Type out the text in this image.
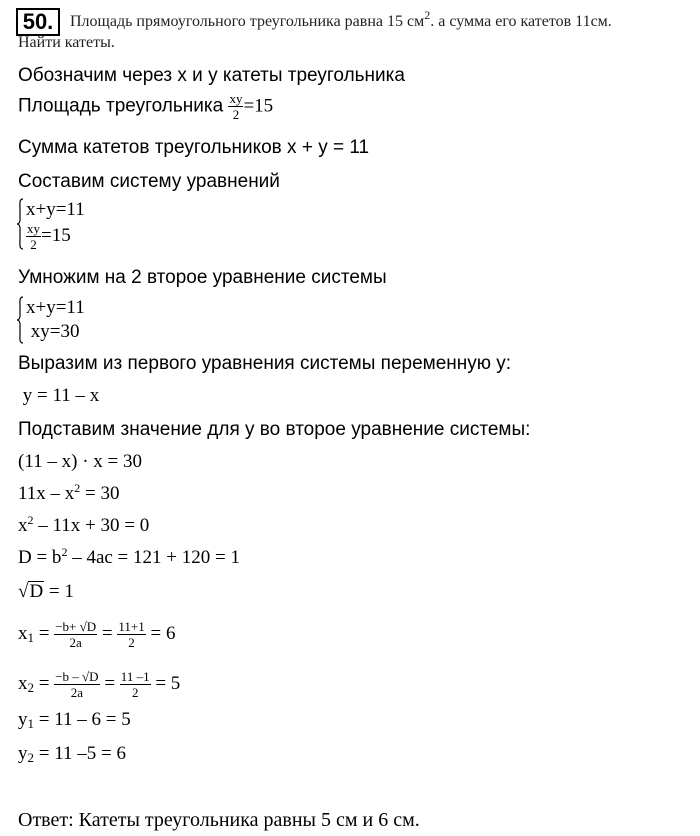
50.	Площадь прямоугольного треугольника равна 15 $см^2$. а сумма его катетов 11см.
Найти катеты.
Обозначим через x и y катеты треугольника
Площадь треугольника $\frac{xy}{2} =15$
Сумма катетов треугольников x + y = 11
Составим систему уравнений
x+y=11
$\frac{xy}{2} =15$
Умножим на 2 второе уравнение системы
x+y=11
xy=30
Выразим из первого уравнения системы переменную y:
y = 11 – x
Подставим значение для y во второе уравнение системы:
(11 – x) · x = 30
$11x - x^2 = 30$
$x^2 - 11x + 30 = 0$
$D = b^2 - 4ac = 121 + 120 = 1$
√D = 1
$x_1 = \frac{-b+ √D}{2a} = \frac{11+1}{2} = 6$
$x_2 = \frac{-b - √D}{2a} = \frac{11 -1}{2} = 5$
$y_1 = 11 - 6 = 5$
$y_2 = 11$ –5 = 6
Ответ: Катеты треугольника равны 5 см и 6 см.
